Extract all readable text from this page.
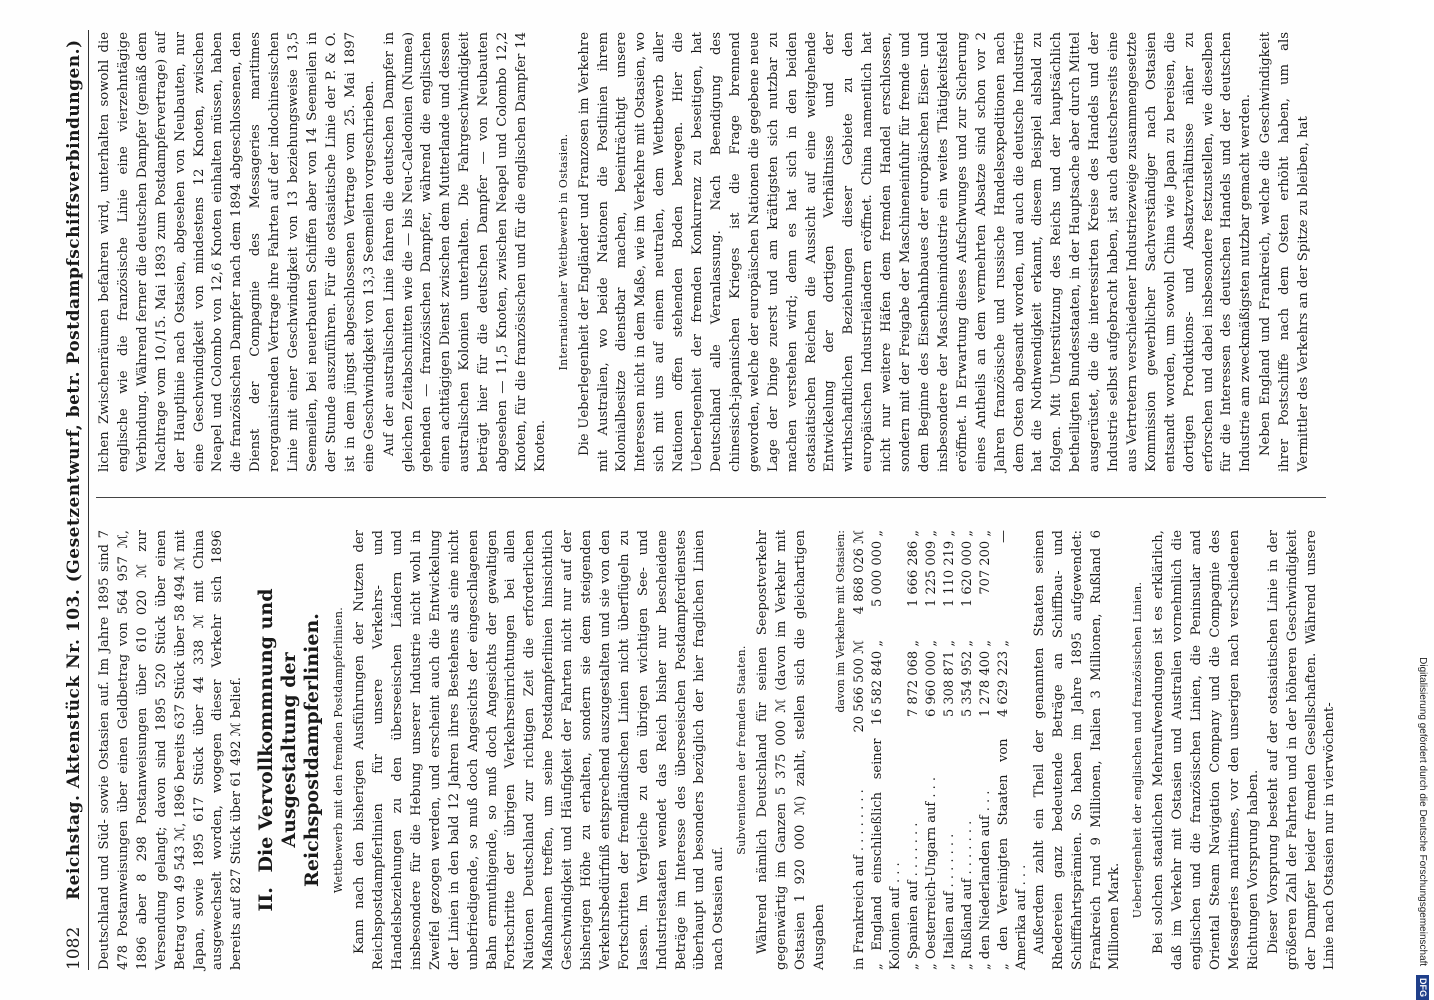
1082
Reichstag. Aktenstück Nr. 103. (Gesetzentwurf, betr. Postdampfschiffsverbindungen.) Deutschland und Süd- sowie Ostasien auf. Im Jahre 1895 sind 7 478 Postanweisungen über einen Geldbetrag von 564 957 ℳ, 1896 aber 8 298 Postanweisungen über 610 020 ℳ zur Versendung gelangt; davon sind 1895 520 Stück über einen Betrag von 49 543 ℳ, 1896 bereits 637 Stück über 58 494 ℳ mit Japan, sowie 1895 617 Stück über 44 338 ℳ mit China ausgewechselt worden, wogegen dieser Verkehr sich 1896 bereits auf 827 Stück über 61 492 ℳ belief. II. Die Vervollkommnung und Ausgestaltung der Reichspostdampferlinien. Wettbewerb mit den fremden Postdampferlinien. Kann nach den bisherigen Ausführungen der Nutzen der Reichspostdampferlinien für unsere Verkehrs- und Handelsbeziehungen zu den überseeischen Ländern und insbesondere für die Hebung unserer Industrie nicht wohl in Zweifel gezogen werden, und erscheint auch die Entwickelung der Linien in den bald 12 Jahren ihres Bestehens als eine nicht unbefriedigende, so muß doch Angesichts der eingeschlagenen Bahn ermuthigende, so muß doch Angesichts der gewaltigen Fortschritte der übrigen Verkehrseinrichtungen bei allen Nationen Deutschland zur richtigen Zeit die erforderlichen Maßnahmen treffen, um seine Postdampferlinien hinsichtlich Geschwindigkeit und Häufigkeit der Fahrten nicht nur auf der bisherigen Höhe zu erhalten, sondern sie dem steigenden Verkehrsbedürfniß entsprechend auszugestalten und sie von den Fortschritten der fremdländischen Linien nicht überflügeln zu lassen. Im Vergleiche zu den übrigen wichtigen See- und Industriestaaten wendet das Reich bisher nur bescheidene Beträge im Interesse des überseeischen Postdampferdienstes überhaupt und besonders bezüglich der hier fraglichen Linien nach Ostasien auf.

Subventionen der fremden Staaten. Während nämlich Deutschland für seinen Seepostverkehr gegenwärtig im Ganzen 5 375 000 ℳ (davon im Verkehr mit Ostasien 1 920 000 ℳ) zahlt, stellen sich die gleichartigen Ausgaben

davon im Verkehre mit Ostasien:
in Frankreich auf . . . . . . . .	20 566 500 ℳ	4 868 026 ℳ
„ England einschließlich seiner Kolonien auf . . .	16 582 840 „	5 000 000 „
„ Spanien auf . . . . . . .	7 872 068 „	1 666 286 „
„ Oesterreich-Ungarn auf . . .	6 960 000 „	1 225 009 „
„ Italien auf . . . . . . .	5 308 871 „	1 110 219 „
„ Rußland auf . . . . . . .	5 354 952 „	1 620 000 „
„ den Niederlanden auf . . .	1 278 400 „	707 200 „
„ den Vereinigten Staaten von Amerika auf . . .	4 629 223 „	— Außerdem zahlt ein Theil der genannten Staaten seinen Rhedereien ganz bedeutende Beträge an Schiffbau- und Schifffahrtsprämien. So haben im Jahre 1895 aufgewendet: Frankreich rund 9 Millionen, Italien 3 Millionen, Rußland 6 Millionen Mark. Ueberlegenheit der englischen und französischen Linien. Bei solchen staatlichen Mehraufwendungen ist es erklärlich, daß im Verkehr mit Ostasien und Australien vornehmlich die englischen und die französischen Linien, die Peninsular and Oriental Steam Navigation Company und die Compagnie des Messageries maritimes, vor den unserigen nach verschiedenen Richtungen Vorsprung haben. Dieser Vorsprung besteht auf der ostasiatischen Linie in der größeren Zahl der Fahrten und in der höheren Geschwindigkeit der Dampfer beider fremden Gesellschaften. Während unsere Linie nach Ostasien nur in vierwöchent-

lichen Zwischenräumen befahren wird, unterhalten sowohl die englische wie die französische Linie eine vierzehntägige Verbindung. Während ferner die deutschen Dampfer (gemäß dem Nachtrage vom 10./15. Mai 1893 zum Postdampfervertrage) auf der Hauptlinie nach Ostasien, abgesehen von Neubauten, nur eine Geschwindigkeit von mindestens 12 Knoten, zwischen Neapel und Colombo von 12,6 Knoten einhalten müssen, haben die französischen Dampfer nach dem 1894 abgeschlossenen, den Dienst der Compagnie des Messageries maritimes reorganisirenden Vertrage ihre Fahrten auf der indochinesischen Linie mit einer Geschwindigkeit von 13 beziehungsweise 13,5 Seemeilen, bei neuerbauten Schiffen aber von 14 Seemeilen in der Stunde auszuführen. Für die ostasiatische Linie der P. & O. ist in dem jüngst abgeschlossenen Vertrage vom 25. Mai 1897 eine Geschwindigkeit von 13,3 Seemeilen vorgeschrieben. Auf der australischen Linie fahren die deutschen Dampfer in gleichen Zeitabschnitten wie die — bis Neu-Caledonien (Numea) gehenden — französischen Dampfer, während die englischen einen achttägigen Dienst zwischen dem Mutterlande und dessen australischen Kolonien unterhalten. Die Fahrgeschwindigkeit beträgt hier für die deutschen Dampfer — von Neubauten abgesehen — 11,5 Knoten, zwischen Neapel und Colombo 12,2 Knoten, für die französischen und für die englischen Dampfer 14 Knoten.

Internationaler Wettbewerb in Ostasien. Die Ueberlegenheit der Engländer und Franzosen im Verkehre mit Australien, wo beide Nationen die Postlinien ihrem Kolonialbesitze dienstbar machen, beeinträchtigt unsere Interessen nicht in dem Maße, wie im Verkehre mit Ostasien, wo sich mit uns auf einem neutralen, dem Wettbewerb aller Nationen offen stehenden Boden bewegen. Hier die Ueberlegenheit der fremden Konkurrenz zu beseitigen, hat Deutschland alle Veranlassung. Nach Beendigung des chinesisch-japanischen Krieges ist die Frage brennend geworden, welche der europäischen Nationen die gegebene neue Lage der Dinge zuerst und am kräftigsten sich nutzbar zu machen verstehen wird; denn es hat sich in den beiden ostasiatischen Reichen die Aussicht auf eine weitgehende Entwickelung der dortigen Verhältnisse und der wirthschaftlichen Beziehungen dieser Gebiete zu den europäischen Industrieländern eröffnet. China namentlich hat nicht nur weitere Häfen dem fremden Handel erschlossen, sondern mit der Freigabe der Maschineneinfuhr für fremde und dem Beginne des Eisenbahnbaues der europäischen Eisen- und insbesondere der Maschinenindustrie ein weites Thätigkeitsfeld eröffnet. In Erwartung dieses Aufschwunges und zur Sicherung eines Antheils an dem vermehrten Absatze sind schon vor 2 Jahren französische und russische Handelsexpeditionen nach dem Osten abgesandt worden, und auch die deutsche Industrie hat die Nothwendigkeit erkannt, diesem Beispiel alsbald zu folgen. Mit Unterstützung des Reichs und der hauptsächlich betheiligten Bundesstaaten, in der Hauptsache aber durch Mittel ausgerüstet, die die interessirten Kreise des Handels und der Industrie selbst aufgebracht haben, ist auch deutscherseits eine aus Vertretern verschiedener Industriezweige zusammengesetzte Kommission gewerblicher Sachverständiger nach Ostasien entsandt worden, um sowohl China wie Japan zu bereisen, die dortigen Produktions- und Absatzverhältnisse näher zu erforschen und dabei insbesondere festzustellen, wie dieselben für die Interessen des deutschen Handels und der deutschen Industrie am zweckmäßigsten nutzbar gemacht werden. Neben England und Frankreich, welche die Geschwindigkeit ihrer Postschiffe nach dem Osten erhöht haben, um als Vermittler des Verkehrs an der Spitze zu bleiben, hat

Digitalisierung gefördert durch die Deutsche Forschungsgemeinschaft DFG
